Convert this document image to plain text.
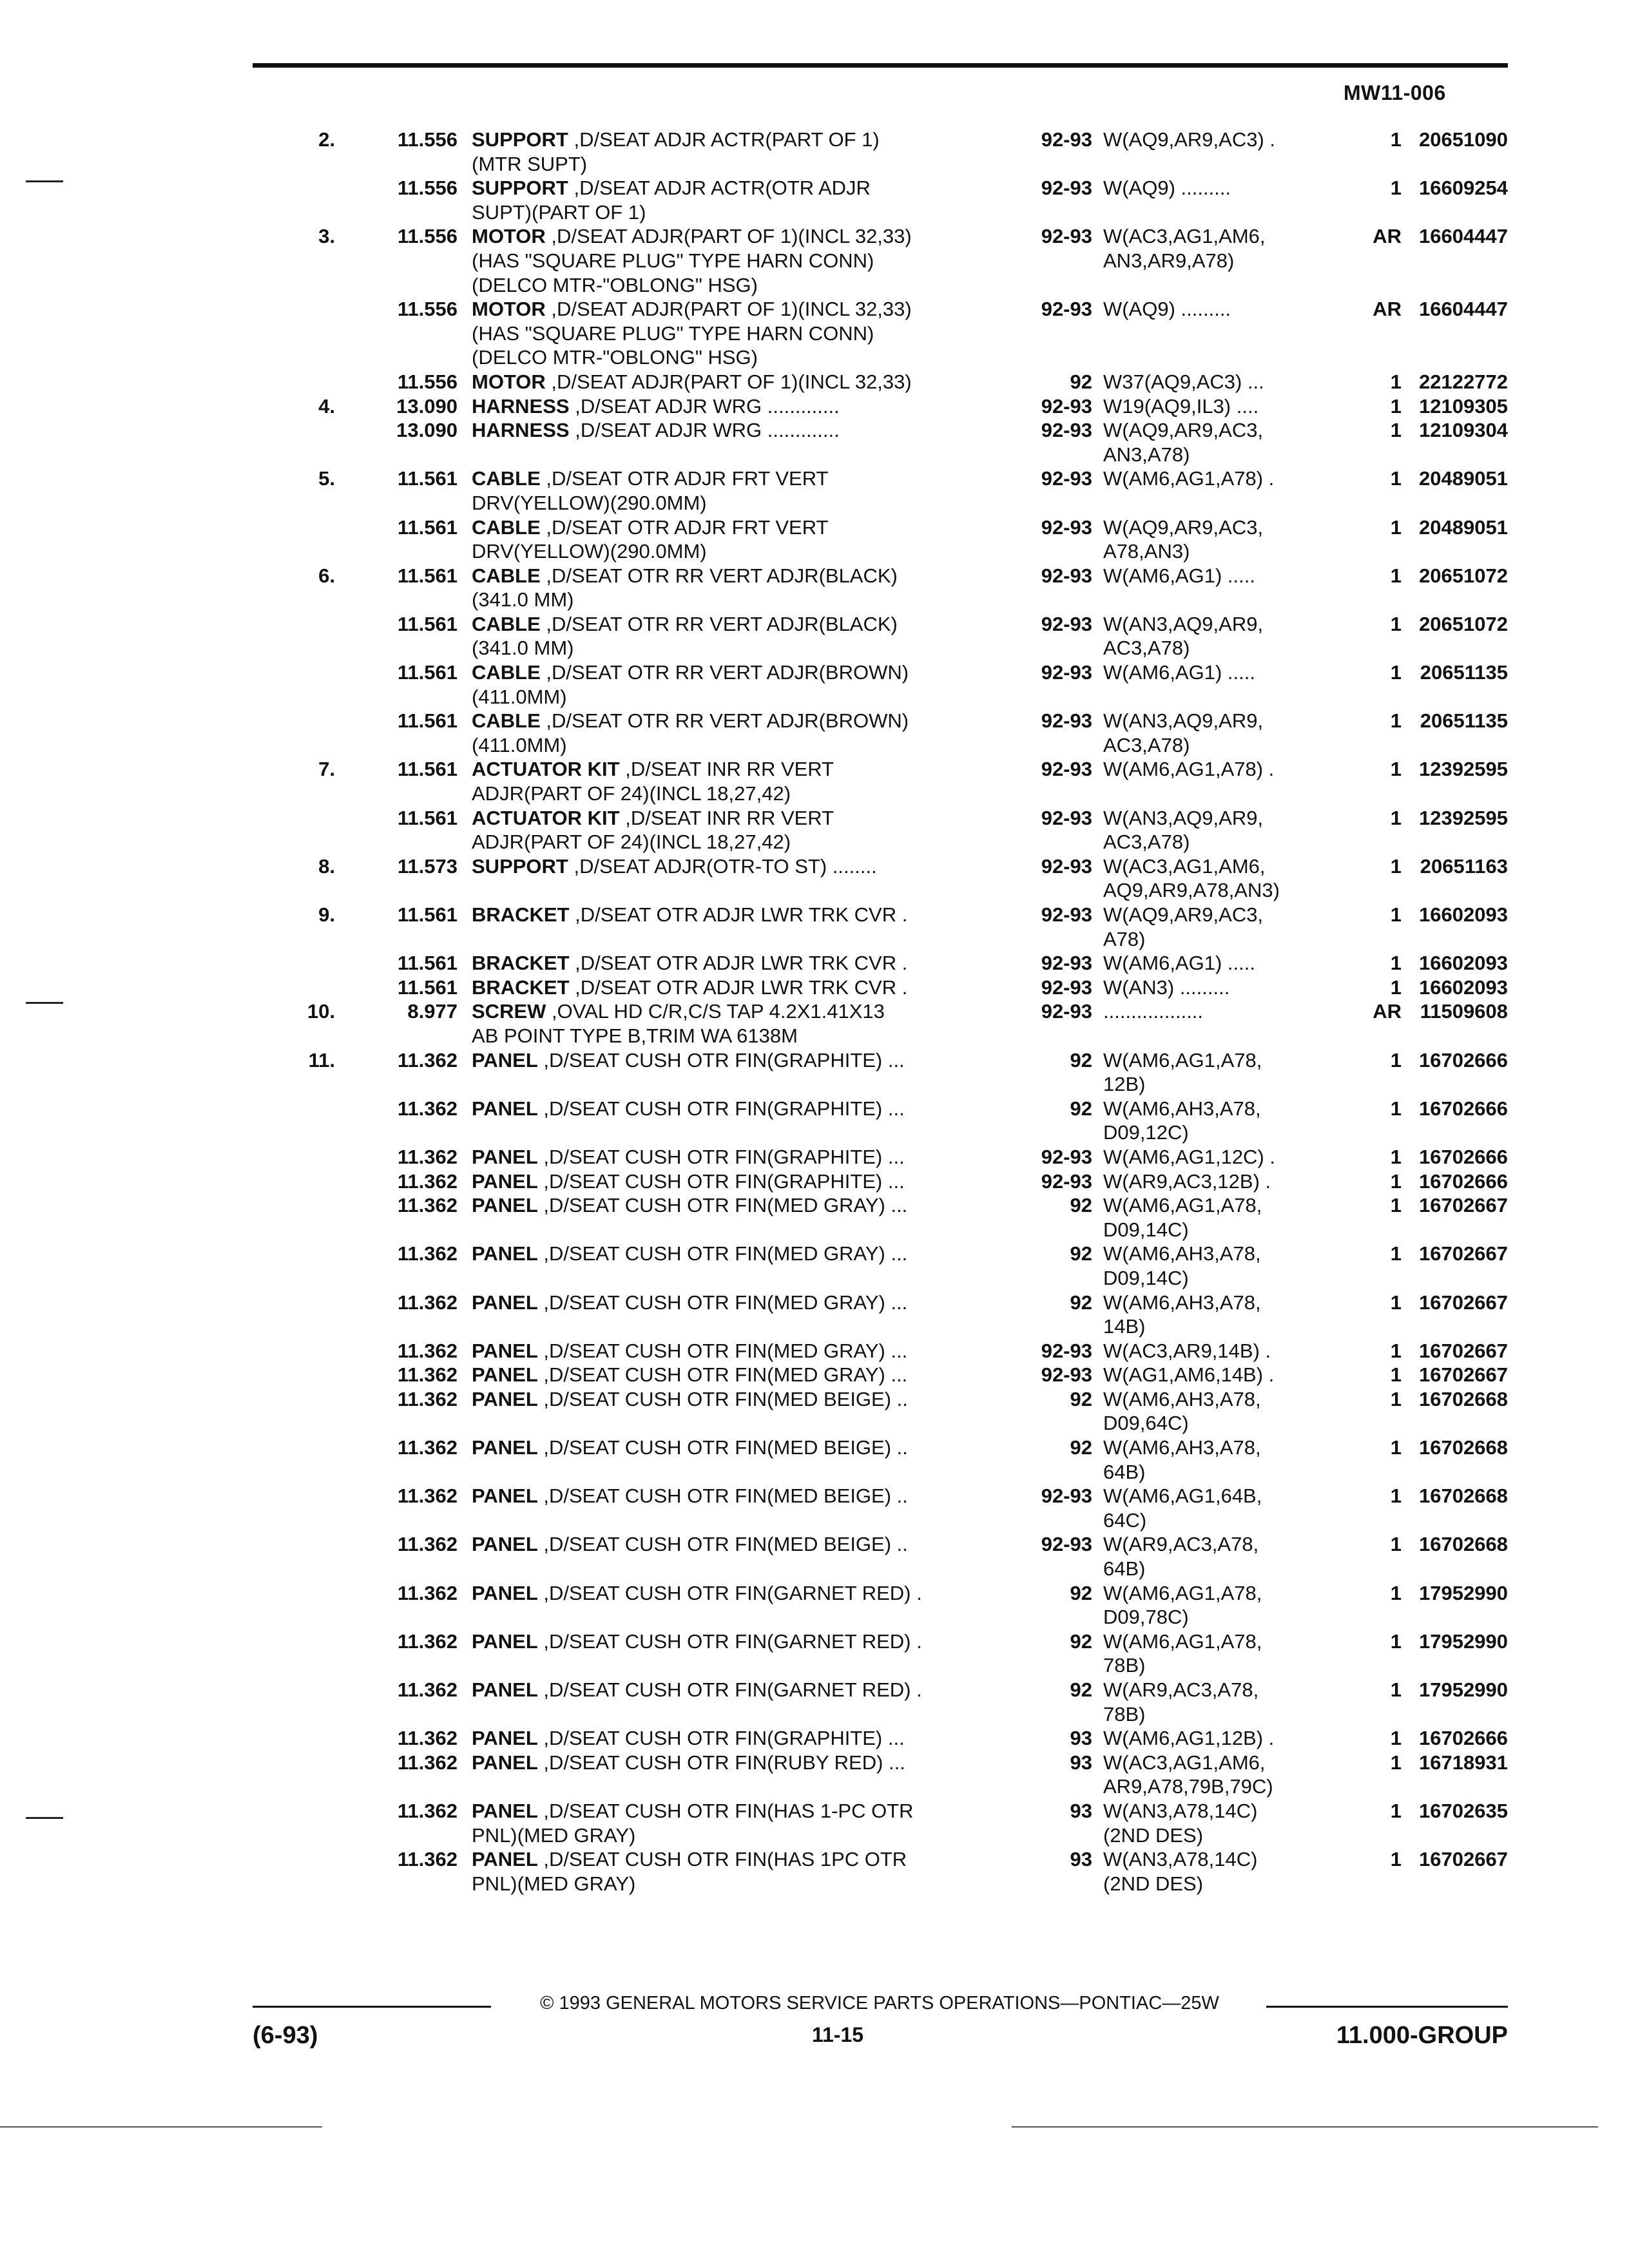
MW11-006
2.	11.556 SUPPORT ,D/SEAT ADJR ACTR(PART OF 1)	92-93 W(AQ9,AR9,AC3) .	1 20651090
(MTR SUPT)
11.556 SUPPORT ,D/SEAT ADJR ACTR(OTR ADJR	92-93 W(AQ9) .........	1 16609254
SUPT)(PART OF 1)
3.	11.556 MOTOR ,D/SEAT ADJR(PART OF 1)(INCL 32,33)	92-93 W(AC3,AG1,AM6,	AR 16604447
(HAS "SQUARE PLUG" TYPE HARN CONN)	AN3,AR9,A78)
(DELCO MTR-"OBLONG" HSG)
11.556 MOTOR ,D/SEAT ADJR(PART OF 1)(INCL 32,33)	92-93 W(AQ9) .........	AR 16604447
(HAS "SQUARE PLUG" TYPE HARN CONN)
(DELCO MTR-"OBLONG" HSG)
11.556 MOTOR ,D/SEAT ADJR(PART OF 1)(INCL 32,33)	92 W37(AQ9,AC3) ...	1 22122772
4.	13.090 HARNESS ,D/SEAT ADJR WRG .............	92-93 W19(AQ9,IL3) ....	1 12109305
13.090 HARNESS ,D/SEAT ADJR WRG .............	92-93 W(AQ9,AR9,AC3,	1 12109304
AN3,A78)
5.	11.561 CABLE ,D/SEAT OTR ADJR FRT VERT	92-93 W(AM6,AG1,A78) .	1 20489051
DRV(YELLOW)(290.0MM)
11.561 CABLE ,D/SEAT OTR ADJR FRT VERT	92-93 W(AQ9,AR9,AC3,	1 20489051
DRV(YELLOW)(290.0MM)	A78,AN3)
6.	11.561 CABLE ,D/SEAT OTR RR VERT ADJR(BLACK)	92-93 W(AM6,AG1) .....	1 20651072
(341.0 MM)
11.561 CABLE ,D/SEAT OTR RR VERT ADJR(BLACK)	92-93 W(AN3,AQ9,AR9,	1 20651072
(341.0 MM)	AC3,A78)
11.561 CABLE ,D/SEAT OTR RR VERT ADJR(BROWN)	92-93 W(AM6,AG1) .....	1 20651135
(411.0MM)
11.561 CABLE ,D/SEAT OTR RR VERT ADJR(BROWN)	92-93 W(AN3,AQ9,AR9,	1 20651135
(411.0MM)	AC3,A78)
7.	11.561 ACTUATOR KIT ,D/SEAT INR RR VERT	92-93 W(AM6,AG1,A78) .	1 12392595
ADJR(PART OF 24)(INCL 18,27,42)
11.561 ACTUATOR KIT ,D/SEAT INR RR VERT	92-93 W(AN3,AQ9,AR9,	1 12392595
ADJR(PART OF 24)(INCL 18,27,42)	AC3,A78)
8.	11.573 SUPPORT ,D/SEAT ADJR(OTR-TO ST) ........	92-93 W(AC3,AG1,AM6,	1 20651163
AQ9,AR9,A78,AN3)
9.	11.561 BRACKET ,D/SEAT OTR ADJR LWR TRK CVR .	92-93 W(AQ9,AR9,AC3,	1 16602093
A78)
11.561 BRACKET ,D/SEAT OTR ADJR LWR TRK CVR .	92-93 W(AM6,AG1) .....	1 16602093
11.561 BRACKET ,D/SEAT OTR ADJR LWR TRK CVR .	92-93 W(AN3) .........	1 16602093
10.	8.977 SCREW ,OVAL HD C/R,C/S TAP 4.2X1.41X13	92-93 ..................	AR 11509608
AB POINT TYPE B,TRIM WA 6138M
11.	11.362 PANEL ,D/SEAT CUSH OTR FIN(GRAPHITE) ...	92 W(AM6,AG1,A78,	1 16702666
12B)
11.362 PANEL ,D/SEAT CUSH OTR FIN(GRAPHITE) ...	92 W(AM6,AH3,A78,	1 16702666
D09,12C)
11.362 PANEL ,D/SEAT CUSH OTR FIN(GRAPHITE) ...	92-93 W(AM6,AG1,12C) .	1 16702666
11.362 PANEL ,D/SEAT CUSH OTR FIN(GRAPHITE) ...	92-93 W(AR9,AC3,12B) .	1 16702666
11.362 PANEL ,D/SEAT CUSH OTR FIN(MED GRAY) ...	92 W(AM6,AG1,A78,	1 16702667
D09,14C)
11.362 PANEL ,D/SEAT CUSH OTR FIN(MED GRAY) ...	92 W(AM6,AH3,A78,	1 16702667
D09,14C)
11.362 PANEL ,D/SEAT CUSH OTR FIN(MED GRAY) ...	92 W(AM6,AH3,A78,	1 16702667
14B)
11.362 PANEL ,D/SEAT CUSH OTR FIN(MED GRAY) ...	92-93 W(AC3,AR9,14B) .	1 16702667
11.362 PANEL ,D/SEAT CUSH OTR FIN(MED GRAY) ...	92-93 W(AG1,AM6,14B) .	1 16702667
11.362 PANEL ,D/SEAT CUSH OTR FIN(MED BEIGE) ..	92 W(AM6,AH3,A78,	1 16702668
D09,64C)
11.362 PANEL ,D/SEAT CUSH OTR FIN(MED BEIGE) ..	92 W(AM6,AH3,A78,	1 16702668
64B)
11.362 PANEL ,D/SEAT CUSH OTR FIN(MED BEIGE) ..	92-93 W(AM6,AG1,64B,	1 16702668
64C)
11.362 PANEL ,D/SEAT CUSH OTR FIN(MED BEIGE) ..	92-93 W(AR9,AC3,A78,	1 16702668
64B)
11.362 PANEL ,D/SEAT CUSH OTR FIN(GARNET RED) .	92 W(AM6,AG1,A78,	1 17952990
D09,78C)
11.362 PANEL ,D/SEAT CUSH OTR FIN(GARNET RED) .	92 W(AM6,AG1,A78,	1 17952990
78B)
11.362 PANEL ,D/SEAT CUSH OTR FIN(GARNET RED) .	92 W(AR9,AC3,A78,	1 17952990
78B)
11.362 PANEL ,D/SEAT CUSH OTR FIN(GRAPHITE) ...	93 W(AM6,AG1,12B) .	1 16702666
11.362 PANEL ,D/SEAT CUSH OTR FIN(RUBY RED) ...	93 W(AC3,AG1,AM6,	1 16718931
AR9,A78,79B,79C)
11.362 PANEL ,D/SEAT CUSH OTR FIN(HAS 1-PC OTR	93 W(AN3,A78,14C)	1 16702635
PNL)(MED GRAY)	(2ND DES)
11.362 PANEL ,D/SEAT CUSH OTR FIN(HAS 1PC OTR	93 W(AN3,A78,14C)	1 16702667
PNL)(MED GRAY)	(2ND DES)
© 1993 GENERAL MOTORS SERVICE PARTS OPERATIONS—PONTIAC—25W
(6-93)	11-15	11.000-GROUP
